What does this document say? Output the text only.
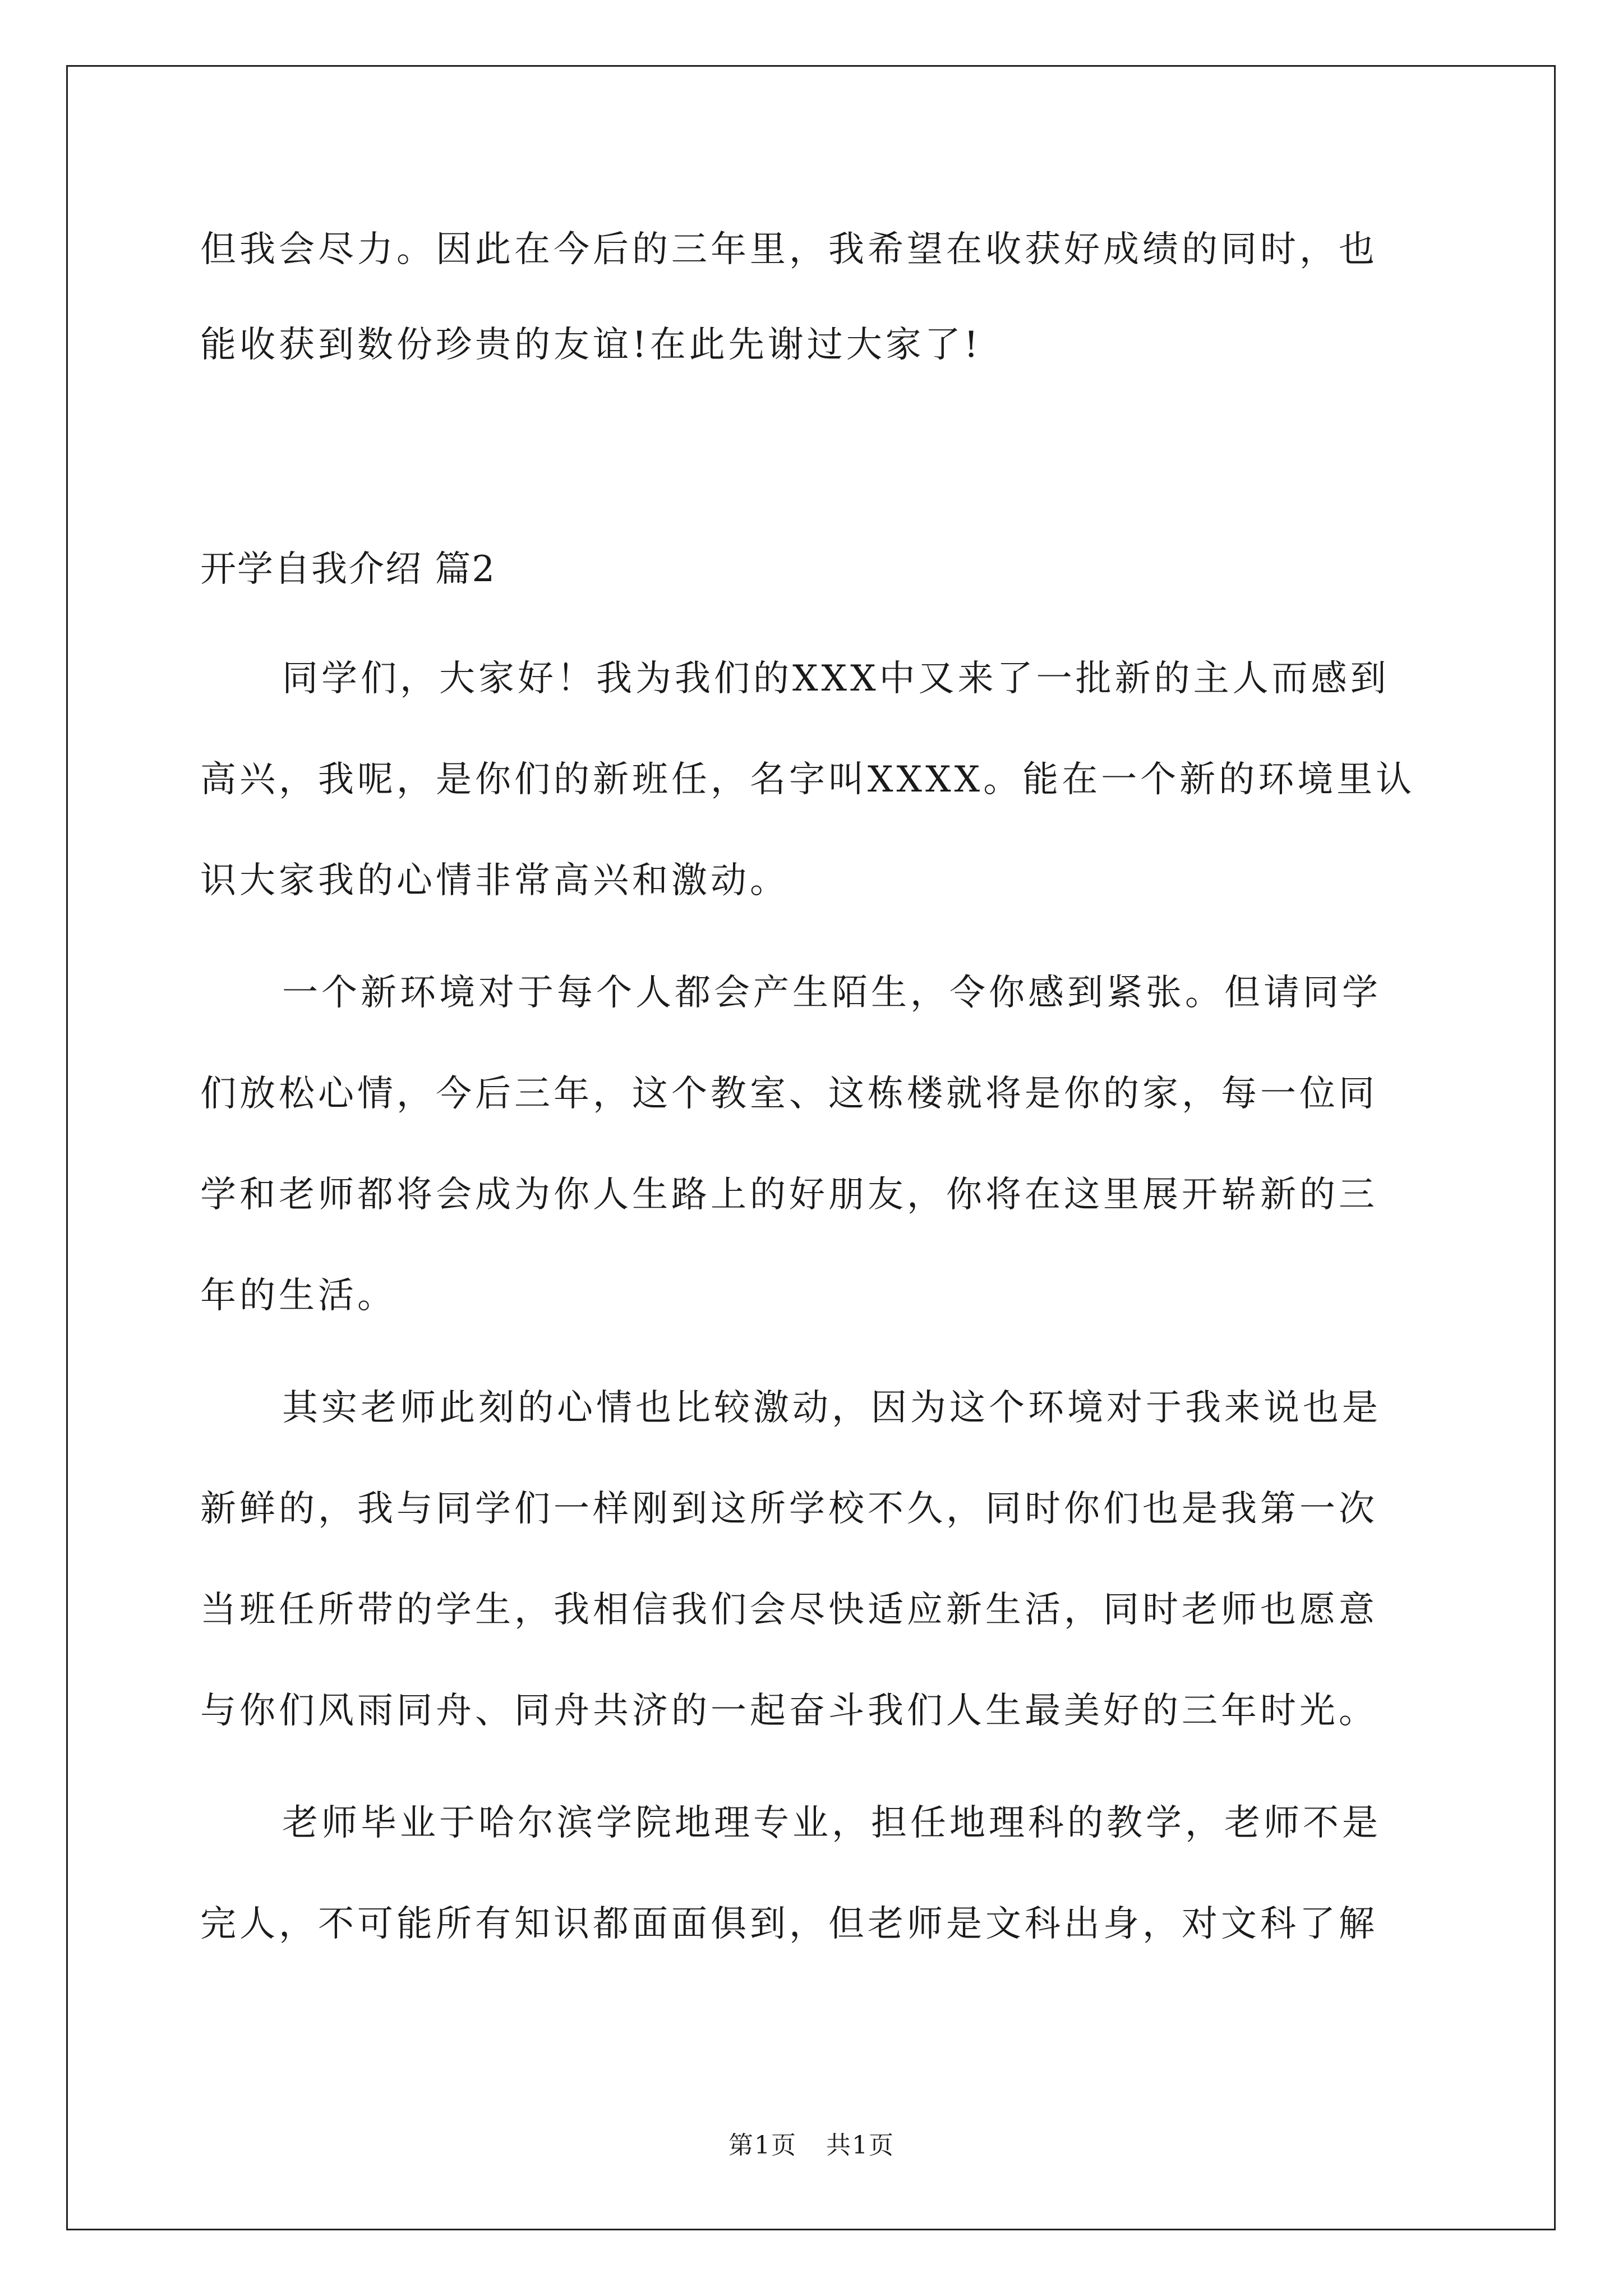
但我会尽力。因此在今后的三年里，我希望在收获好成绩的同时，也
能收获到数份珍贵的友谊!在此先谢过大家了!
开学自我介绍 篇2
同学们，大家好！我为我们的XXX中又来了一批新的主人而感到
高兴，我呢，是你们的新班任，名字叫XXXX。能在一个新的环境里认
识大家我的心情非常高兴和激动。
一个新环境对于每个人都会产生陌生，令你感到紧张。但请同学
们放松心情，今后三年，这个教室、这栋楼就将是你的家，每一位同
学和老师都将会成为你人生路上的好朋友，你将在这里展开崭新的三
年的生活。
其实老师此刻的心情也比较激动，因为这个环境对于我来说也是
新鲜的，我与同学们一样刚到这所学校不久，同时你们也是我第一次
当班任所带的学生，我相信我们会尽快适应新生活，同时老师也愿意
与你们风雨同舟、同舟共济的一起奋斗我们人生最美好的三年时光。
老师毕业于哈尔滨学院地理专业，担任地理科的教学，老师不是
完人，不可能所有知识都面面俱到，但老师是文科出身，对文科了解
第1页 共1页
